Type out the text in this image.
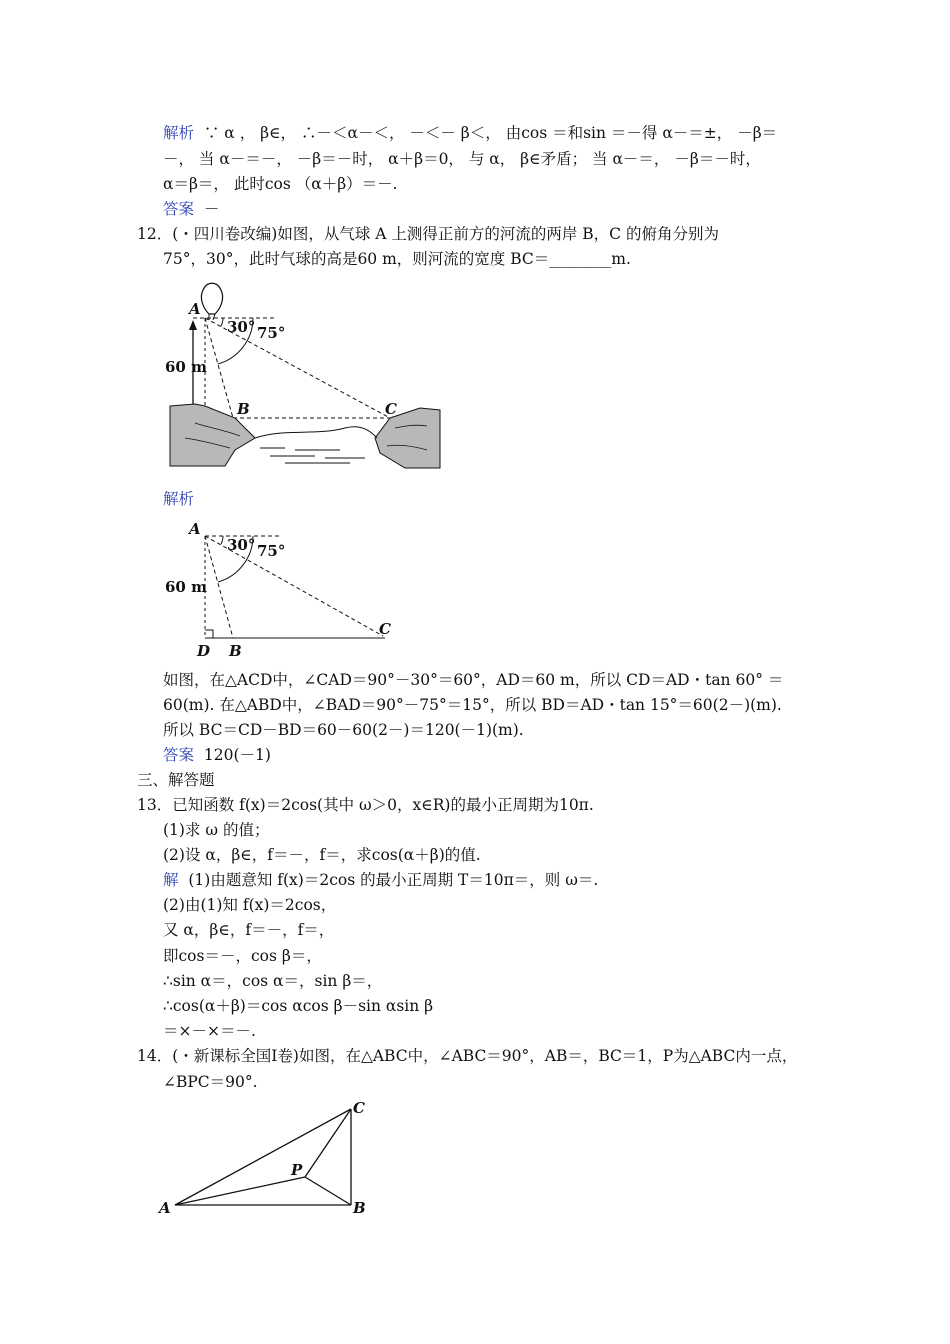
解析 ∵ α ， β∈， ∴－＜α－＜， －＜－ β＜， 由cos ＝和sin ＝－得 α－＝±， －β＝
－， 当 α－＝－， －β＝－时， α＋β＝0， 与 α， β∈矛盾； 当 α－＝， －β＝－时，
α＝β＝， 此时cos （α＋β）＝－.
答案 －
12．(・四川卷改编)如图，从气球 A 上测得正前方的河流的两岸 B，C 的俯角分别为
75°，30°，此时气球的高是60 m，则河流的宽度 BC＝________m.
A
30° 75°
60 m
B	C
解析
A
30° 75°
60 m
D B
C
如图，在△ACD中，∠CAD＝90°－30°＝60°，AD＝60 m，所以 CD＝AD・tan 60° ＝
60(m). 在△ABD中，∠BAD＝90°－75°＝15°，所以 BD＝AD・tan 15°＝60(2－)(m).
所以 BC＝CD－BD＝60－60(2－)＝120(－1)(m).
答案 120(－1)
三、解答题
13．已知函数 f(x)＝2cos(其中 ω＞0，x∈R)的最小正周期为10π.
(1)求 ω 的值；
(2)设 α，β∈，f＝－，f＝，求cos(α＋β)的值.
解 (1)由题意知 f(x)＝2cos 的最小正周期 T＝10π＝，则 ω＝.
(2)由(1)知 f(x)＝2cos，
又 α，β∈，f＝－，f＝，
即cos＝－，cos β＝，
∴sin α＝，cos α＝，sin β＝，
∴cos(α＋β)＝cos αcos β－sin αsin β
＝×－×＝－.
14．(・新课标全国Ⅰ卷)如图，在△ABC中，∠ABC＝90°，AB＝，BC＝1，P为△ABC内一点，
∠BPC＝90°.
A	B
C
P
